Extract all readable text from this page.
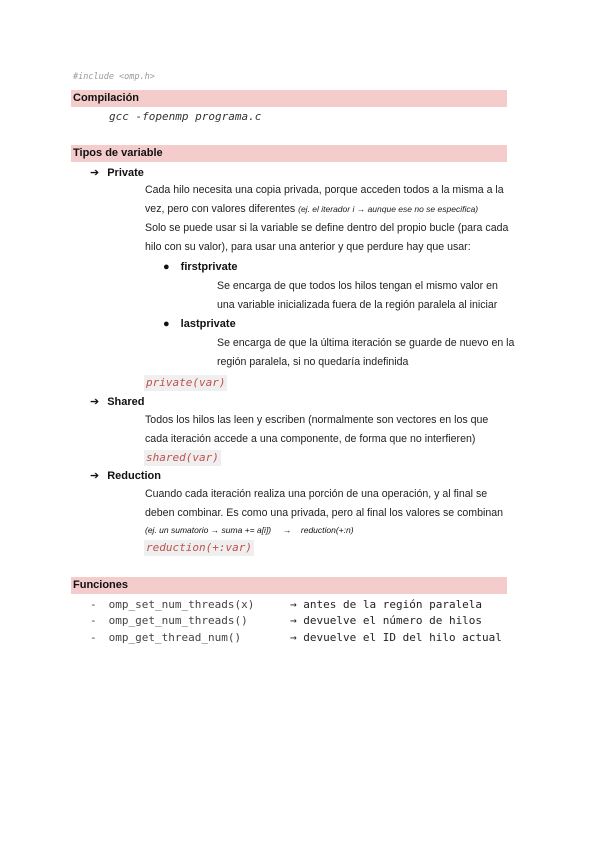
#include <omp.h>
Compilación
gcc -fopenmp programa.c
Tipos de variable
➔ Private
Cada hilo necesita una copia privada, porque acceden todos a la misma a la
vez, pero con valores diferentes (ej. el iterador i → aunque ese no se especifica)
Solo se puede usar si la variable se define dentro del propio bucle (para cada
hilo con su valor), para usar una anterior y que perdure hay que usar:
● firstprivate
Se encarga de que todos los hilos tengan el mismo valor en
una variable inicializada fuera de la región paralela al iniciar
● lastprivate
Se encarga de que la última iteración se guarde de nuevo en la
región paralela, si no quedaría indefinida
private(var)
➔ Shared
Todos los hilos las leen y escriben (normalmente son vectores en los que
cada iteración accede a una componente, de forma que no interfieren)
shared(var)
➔ Reduction
Cuando cada iteración realiza una porción de una operación, y al final se
deben combinar. Es como una privada, pero al final los valores se combinan
(ej. un sumatorio → suma += a[i])     →    reduction(+:n)
reduction(+:var)
Funciones
- omp_set_num_threads(x)	→ antes de la región paralela
- omp_get_num_threads()	→ devuelve el número de hilos
- omp_get_thread_num()	→ devuelve el ID del hilo actual
